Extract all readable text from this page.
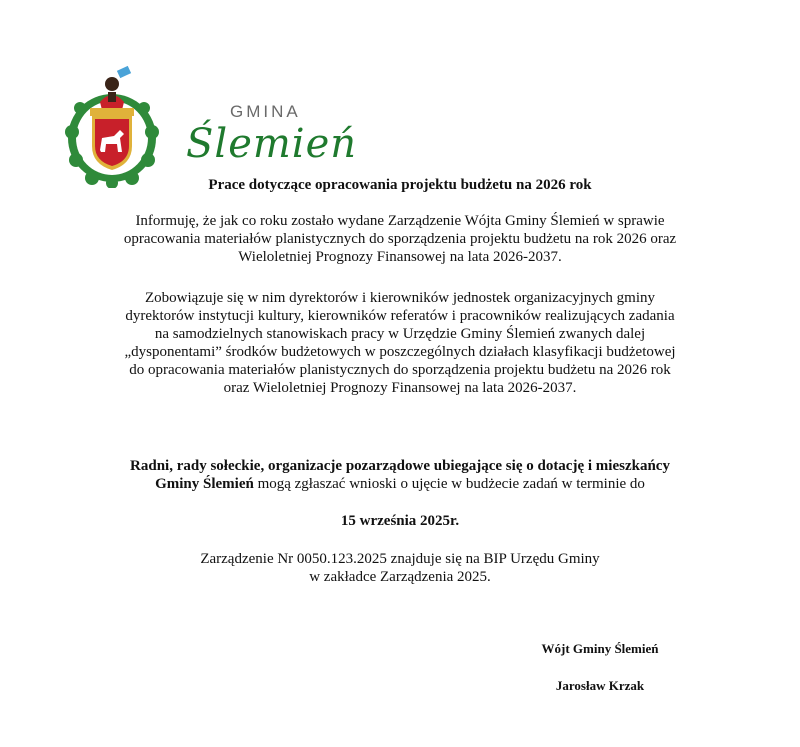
GMINA
Ślemień
Prace dotyczące opracowania projektu budżetu na 2026 rok
Informuję, że jak co roku zostało wydane Zarządzenie Wójta Gminy Ślemień w sprawie
opracowania materiałów planistycznych do sporządzenia projektu budżetu na rok 2026 oraz
Wieloletniej Prognozy Finansowej na lata 2026-2037.
Zobowiązuje się w nim dyrektorów i kierowników jednostek organizacyjnych gminy
dyrektorów instytucji kultury, kierowników referatów i pracowników realizujących zadania
na samodzielnych stanowiskach pracy w Urzędzie Gminy Ślemień zwanych dalej
„dysponentami” środków budżetowych w poszczególnych działach klasyfikacji budżetowej
do opracowania materiałów planistycznych do sporządzenia projektu budżetu na 2026 rok
oraz Wieloletniej Prognozy Finansowej na lata 2026-2037.
Radni, rady sołeckie, organizacje pozarządowe ubiegające się o dotację i mieszkańcy
Gminy Ślemień mogą zgłaszać wnioski o ujęcie w budżecie zadań w terminie do
15 września 2025r.
Zarządzenie Nr 0050.123.2025 znajduje się na BIP Urzędu Gminy
w zakładce Zarządzenia 2025.
Wójt Gminy Ślemień
Jarosław Krzak
